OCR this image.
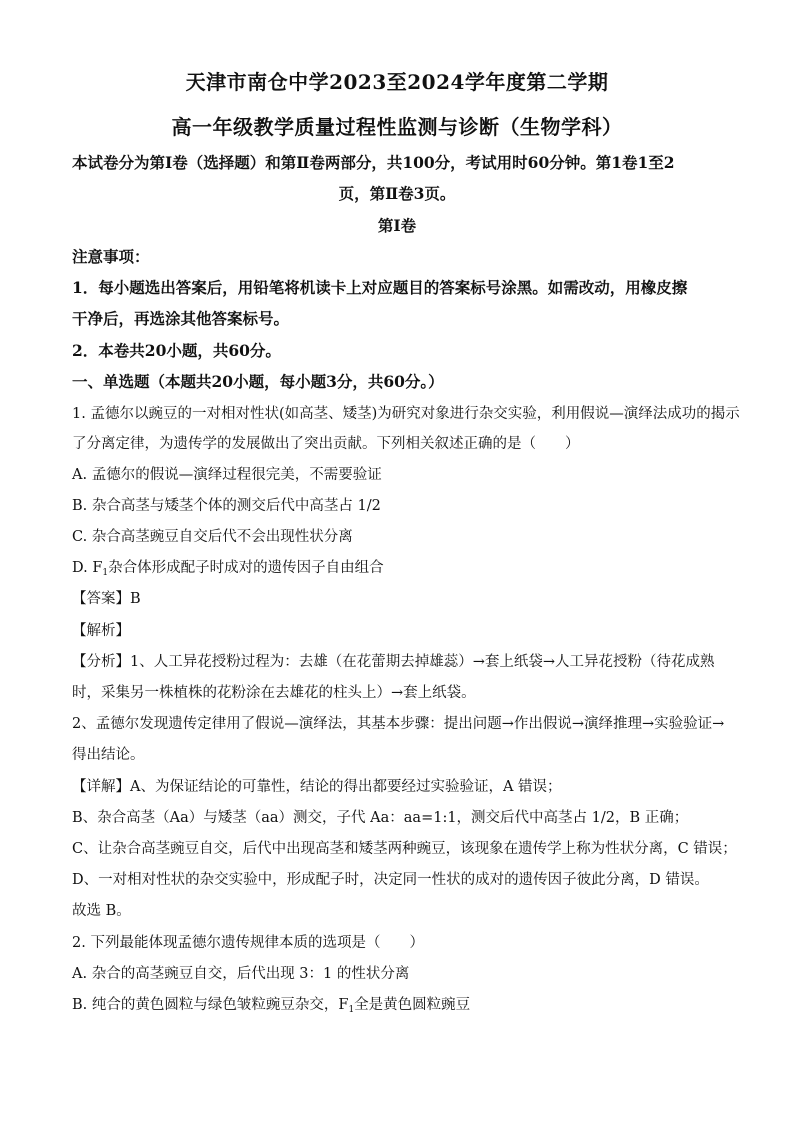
天津市南仓中学2023至2024学年度第二学期
高一年级教学质量过程性监测与诊断（生物学科）
本试卷分为第Ⅰ卷（选择题）和第Ⅱ卷两部分，共100分，考试用时60分钟。第1卷1至2
页，第Ⅱ卷3页。
第Ⅰ卷
注意事项：
1．每小题选出答案后，用铅笔将机读卡上对应题目的答案标号涂黑。如需改动，用橡皮擦
干净后，再选涂其他答案标号。
2．本卷共20小题，共60分。
一、单选题（本题共20小题，每小题3分，共60分。）
1. 孟德尔以豌豆的一对相对性状(如高茎、矮茎)为研究对象进行杂交实验，利用假说—演绎法成功的揭示
了分离定律，为遗传学的发展做出了突出贡献。下列相关叙述正确的是（　　）
A. 孟德尔的假说—演绎过程很完美，不需要验证
B. 杂合高茎与矮茎个体的测交后代中高茎占 1/2
C. 杂合高茎豌豆自交后代不会出现性状分离
D. $F_1$杂合体形成配子时成对的遗传因子自由组合
【答案】B
【解析】
【分析】1、人工异花授粉过程为：去雄（在花蕾期去掉雄蕊）→套上纸袋→人工异花授粉（待花成熟
时，采集另一株植株的花粉涂在去雄花的柱头上）→套上纸袋。
2、孟德尔发现遗传定律用了假说—演绎法，其基本步骤：提出问题→作出假说→演绎推理→实验验证→
得出结论。
【详解】A、为保证结论的可靠性，结论的得出都要经过实验验证，A 错误；
B、杂合高茎（Aa）与矮茎（aa）测交，子代 Aa：aa=1:1，测交后代中高茎占 1/2，B 正确；
C、让杂合高茎豌豆自交，后代中出现高茎和矮茎两种豌豆，该现象在遗传学上称为性状分离，C 错误；
D、一对相对性状的杂交实验中，形成配子时，决定同一性状的成对的遗传因子彼此分离，D 错误。
故选 B。
2. 下列最能体现孟德尔遗传规律本质的选项是（　　）
A. 杂合的高茎豌豆自交，后代出现 3：1 的性状分离
B. 纯合的黄色圆粒与绿色皱粒豌豆杂交，$F_1$全是黄色圆粒豌豆
